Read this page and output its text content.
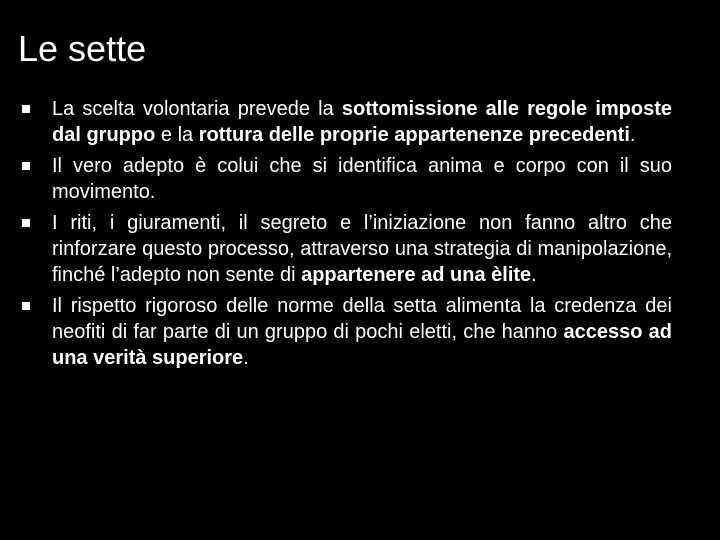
Le sette
La scelta volontaria prevede la sottomissione alle regole imposte dal gruppo e la rottura delle proprie appartenenze precedenti.
Il vero adepto è colui che si identifica anima e corpo con il suo movimento.
I riti, i giuramenti, il segreto e l’iniziazione non fanno altro che rinforzare questo processo, attraverso una strategia di manipolazione, finché l’adepto non sente di appartenere ad una èlite.
Il rispetto rigoroso delle norme della setta alimenta la credenza dei neofiti di far parte di un gruppo di pochi eletti, che hanno accesso ad una verità superiore.
